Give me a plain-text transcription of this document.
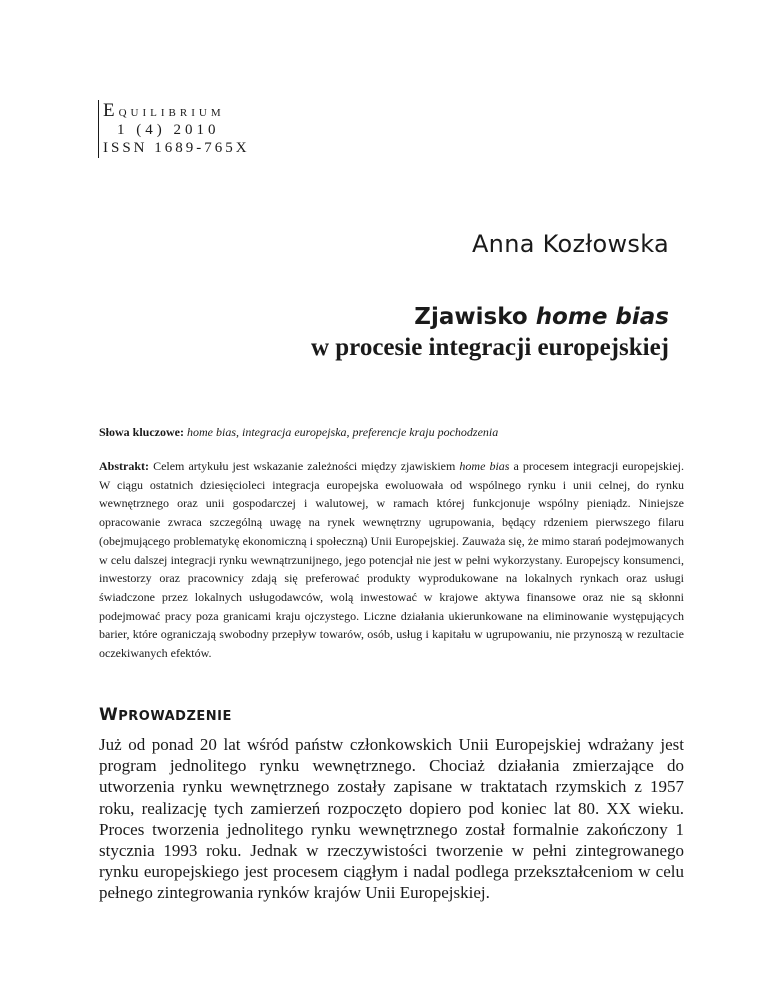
Equilibrium
1 (4) 2010
ISSN 1689-765X
Anna Kozłowska
Zjawisko home bias
w procesie integracji europejskiej
Słowa kluczowe: home bias, integracja europejska, preferencje kraju pochodzenia
Abstrakt: Celem artykułu jest wskazanie zależności między zjawiskiem home bias a procesem integracji europejskiej. W ciągu ostatnich dziesięcioleci integracja europejska ewoluowała od wspólnego rynku i unii celnej, do rynku wewnętrznego oraz unii gospodarczej i walutowej, w ramach której funkcjonuje wspólny pieniądz. Niniejsze opracowanie zwraca szczególną uwagę na rynek wewnętrzny ugrupowania, będący rdzeniem pierwszego filaru (obejmującego problematykę ekonomiczną i społeczną) Unii Europejskiej. Zauważa się, że mimo starań podejmowanych w celu dalszej integracji rynku wewnątrzunijnego, jego potencjał nie jest w pełni wykorzystany. Europejscy konsumenci, inwestorzy oraz pracownicy zdają się preferować produkty wyprodukowane na lokalnych rynkach oraz usługi świadczone przez lokalnych usługodawców, wolą inwestować w krajowe aktywa finansowe oraz nie są skłonni podejmować pracy poza granicami kraju ojczystego. Liczne działania ukierunkowane na eliminowanie występujących barier, które ograniczają swobodny przepływ towarów, osób, usług i kapitału w ugrupowaniu, nie przynoszą w rezultacie oczekiwanych efektów.
WPROWADZENIE
Już od ponad 20 lat wśród państw członkowskich Unii Europejskiej wdrażany jest program jednolitego rynku wewnętrznego. Chociaż działania zmierzające do utworzenia rynku wewnętrznego zostały zapisane w traktatach rzymskich z 1957 roku, realizację tych zamierzeń rozpoczęto dopiero pod koniec lat 80. XX wieku. Proces tworzenia jednolitego rynku wewnętrznego został formalnie zakończony 1 stycznia 1993 roku. Jednak w rzeczywistości tworzenie w pełni zintegrowanego rynku europejskiego jest procesem ciągłym i nadal podlega przekształceniom w celu pełnego zintegrowania rynków krajów Unii Europejskiej.
